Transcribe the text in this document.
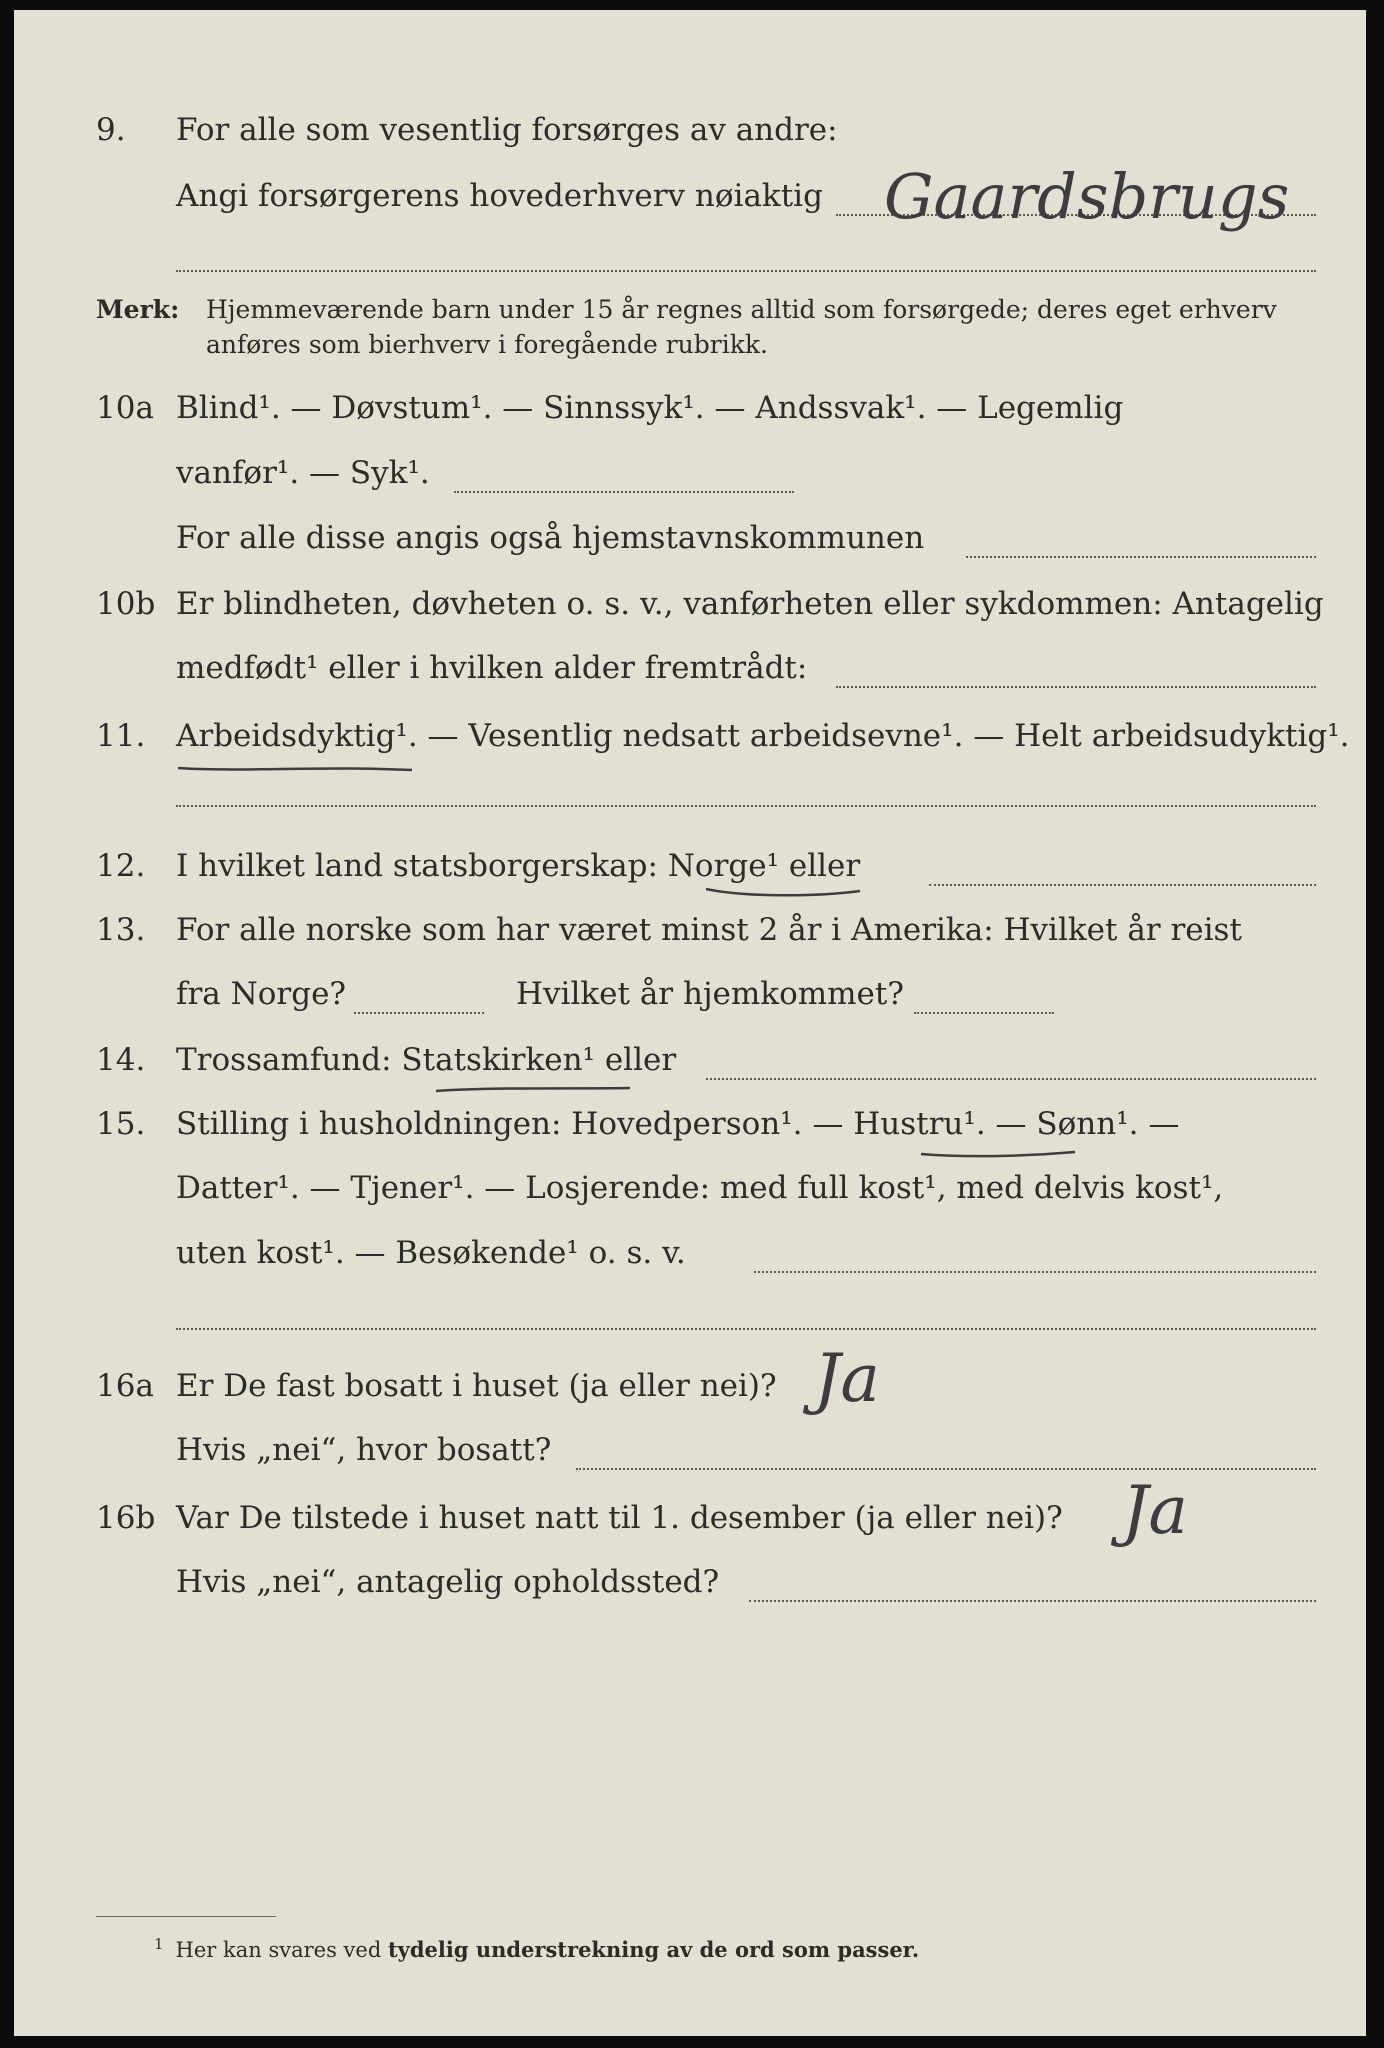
9. For alle som vesentlig forsørges av andre:
Angi forsørgerens hovederhverv nøiaktig Gaardsbrugs
Merk: Hjemmeværende barn under 15 år regnes alltid som forsørgede; deres eget erhverv
anføres som bierhverv i foregående rubrikk.
10a Blind¹. — Døvstum¹. — Sinnssyk¹. — Andssvak¹. — Legemlig
vanfør¹. — Syk¹.
For alle disse angis også hjemstavnskommunen
10b Er blindheten, døvheten o. s. v., vanførheten eller sykdommen: Antagelig
medfødt¹ eller i hvilken alder fremtrådt:
11. Arbeidsdyktig¹. — Vesentlig nedsatt arbeidsevne¹. — Helt arbeidsudyktig¹.
12. I hvilket land statsborgerskap: Norge¹ eller
13. For alle norske som har været minst 2 år i Amerika: Hvilket år reist
fra Norge?	Hvilket år hjemkommet?
14. Trossamfund: Statskirken¹ eller
15. Stilling i husholdningen: Hovedperson¹. — Hustru¹. — Sønn¹. —
Datter¹. — Tjener¹. — Losjerende: med full kost¹, med delvis kost¹,
uten kost¹. — Besøkende¹ o. s. v.
16a Er De fast bosatt i huset (ja eller nei)? Ja
Hvis „nei“, hvor bosatt?
16b Var De tilstede i huset natt til 1. desember (ja eller nei)? Ja
Hvis „nei“, antagelig opholdssted?
$^1$ Her kan svares ved tydelig understrekning av de ord som passer.
